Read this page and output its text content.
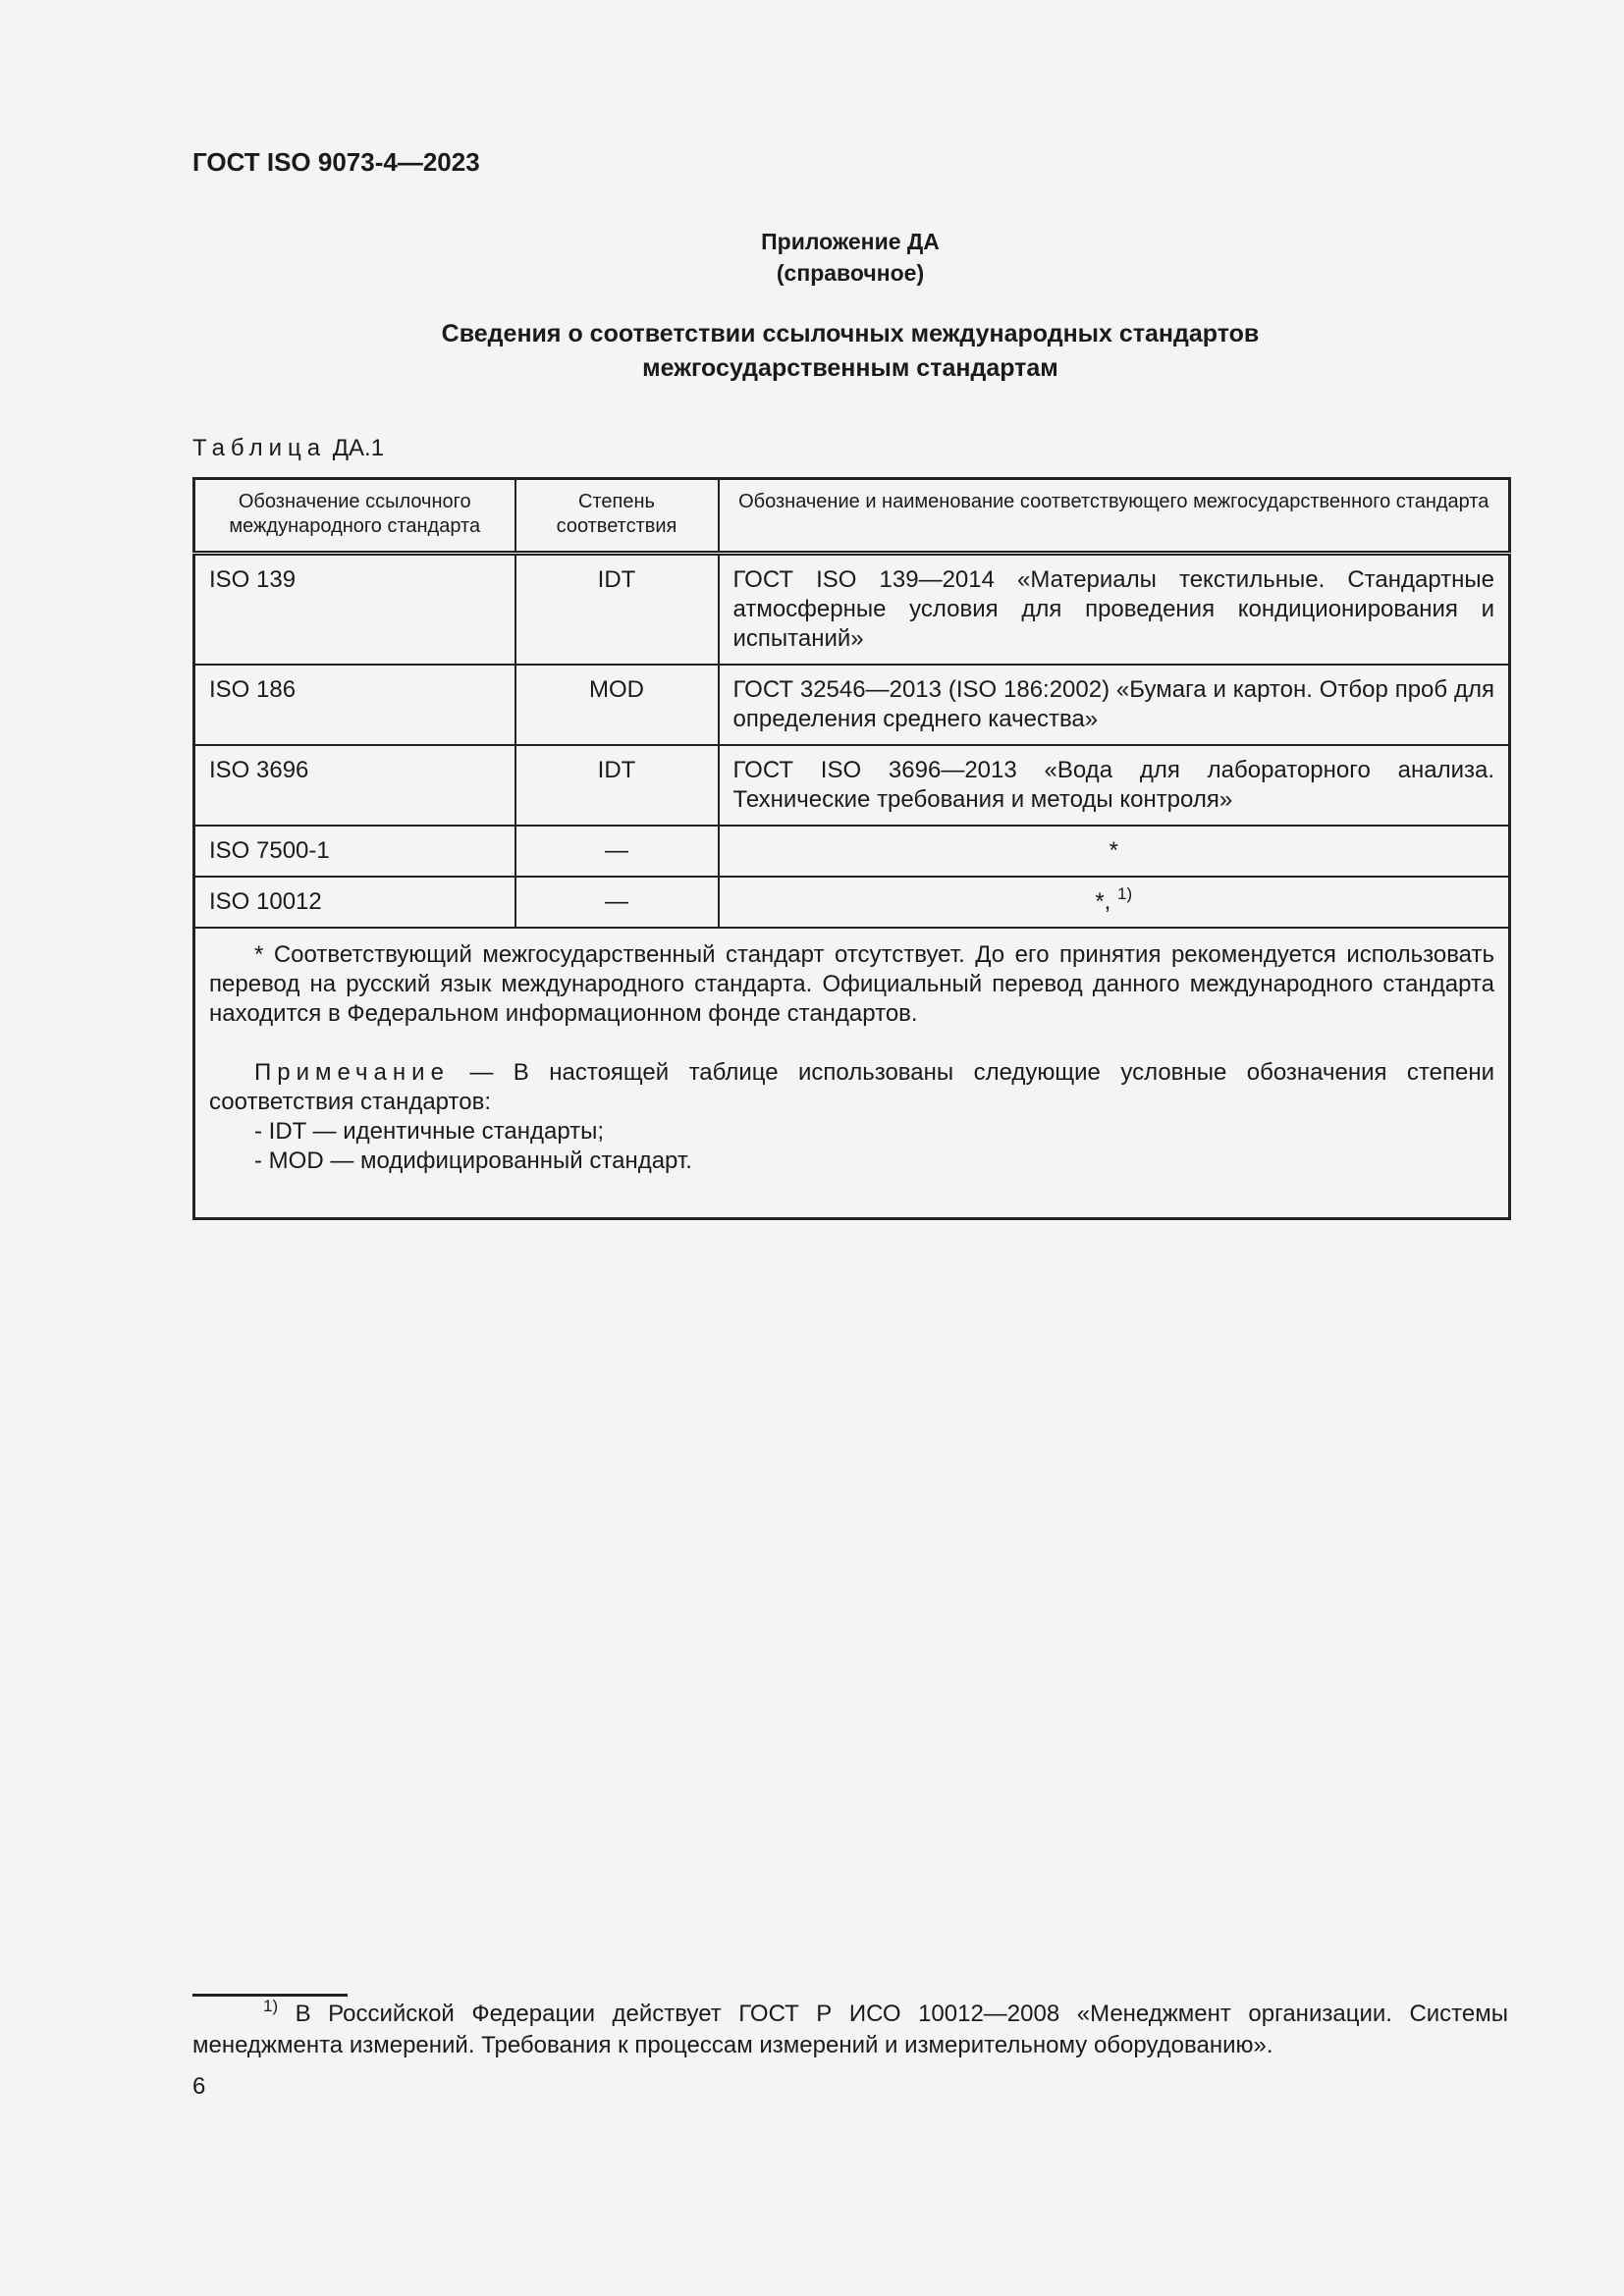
ГОСТ ISO 9073-4—2023
Приложение ДА
(справочное)
Сведения о соответствии ссылочных международных стандартов
межгосударственным стандартам
Таблица ДА.1
Обозначение ссылочного международного стандарта	Степень соответствия	Обозначение и наименование соответствующего межгосударственного стандарта
ISO 139	IDT	ГОСТ ISO 139—2014 «Материалы текстильные. Стандартные атмосферные условия для проведения кондиционирования и испытаний»
ISO 186	MOD	ГОСТ 32546—2013 (ISO 186:2002) «Бумага и картон. Отбор проб для определения среднего качества»
ISO 3696	IDT	ГОСТ ISO 3696—2013 «Вода для лабораторного анализа. Технические требования и методы контроля»
ISO 7500-1	—	*
ISO 10012	—	*, $^{1)}$

* Соответствующий межгосударственный стандарт отсутствует. До его принятия рекомендуется использовать перевод на русский язык международного стандарта. Официальный перевод данного международного стандарта находится в Федеральном информационном фонде стандартов.

Примечание — В настоящей таблице использованы следующие условные обозначения степени соответствия стандартов:

- IDT — идентичные стандарты;

- MOD — модифицированный стандарт.		

$^{1)}$ В Российской Федерации действует ГОСТ Р ИСО 10012—2008 «Менеджмент организации. Системы менеджмента измерений. Требования к процессам измерений и измерительному оборудованию».

6
